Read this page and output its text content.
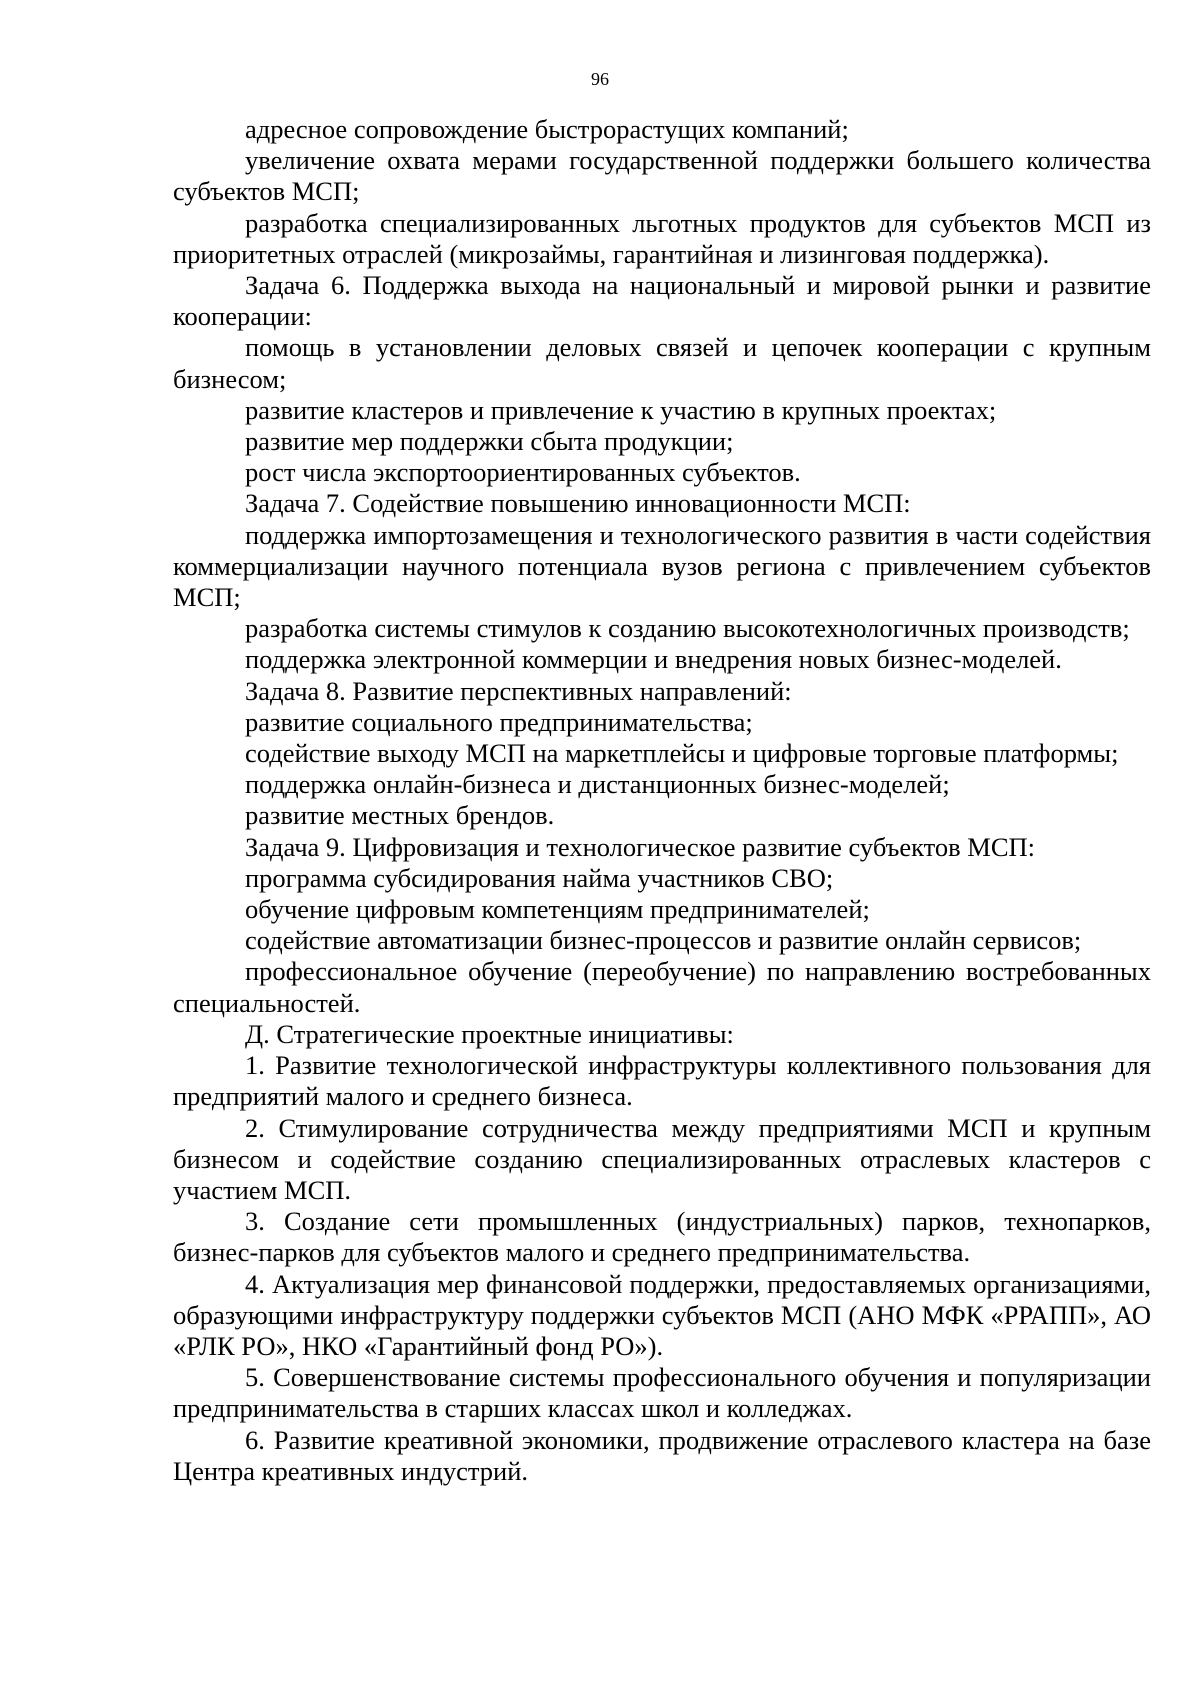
96

адресное сопровождение быстрорастущих компаний;

увеличение охвата мерами государственной поддержки большего количества субъектов МСП;

разработка специализированных льготных продуктов для субъектов МСП из приоритетных отраслей (микрозаймы, гарантийная и лизинговая поддержка).

Задача 6. Поддержка выхода на национальный и мировой рынки и развитие кооперации:

помощь в установлении деловых связей и цепочек кооперации с крупным бизнесом;

развитие кластеров и привлечение к участию в крупных проектах;

развитие мер поддержки сбыта продукции;

рост числа экспортоориентированных субъектов.

Задача 7. Содействие повышению инновационности МСП:

поддержка импортозамещения и технологического развития в части содействия коммерциализации научного потенциала вузов региона с привлечением субъектов МСП;

разработка системы стимулов к созданию высокотехнологичных производств;

поддержка электронной коммерции и внедрения новых бизнес-моделей.

Задача 8. Развитие перспективных направлений:

развитие социального предпринимательства;

содействие выходу МСП на маркетплейсы и цифровые торговые платформы;

поддержка онлайн-бизнеса и дистанционных бизнес-моделей;

развитие местных брендов.

Задача 9. Цифровизация и технологическое развитие субъектов МСП:

программа субсидирования найма участников СВО;

обучение цифровым компетенциям предпринимателей;

содействие автоматизации бизнес-процессов и развитие онлайн сервисов;

профессиональное обучение (переобучение) по направлению востребованных специальностей.

Д. Стратегические проектные инициативы:

1. Развитие технологической инфраструктуры коллективного пользования для предприятий малого и среднего бизнеса.

2. Стимулирование сотрудничества между предприятиями МСП и крупным бизнесом и содействие созданию специализированных отраслевых кластеров с участием МСП.

3. Создание сети промышленных (индустриальных) парков, технопарков, бизнес-парков для субъектов малого и среднего предпринимательства.

4. Актуализация мер финансовой поддержки, предоставляемых организациями, образующими инфраструктуру поддержки субъектов МСП (АНО МФК «РРАПП», АО «РЛК РО», НКО «Гарантийный фонд РО»).

5. Совершенствование системы профессионального обучения и популяризации предпринимательства в старших классах школ и колледжах.

6. Развитие креативной экономики, продвижение отраслевого кластера на базе Центра креативных индустрий.
